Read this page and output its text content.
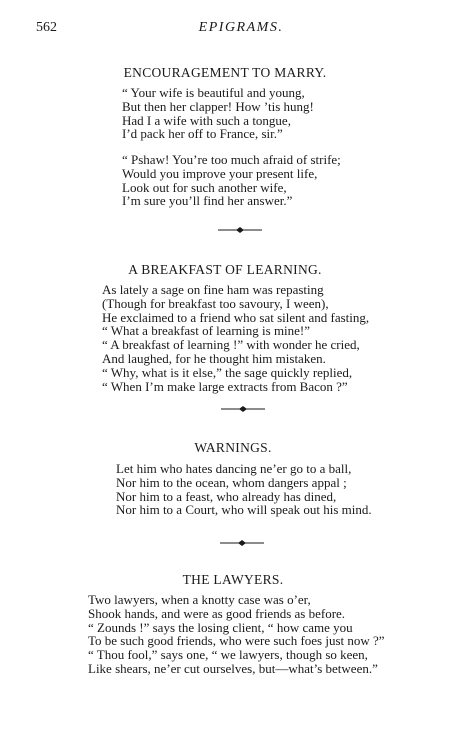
562	EPIGRAMS.
ENCOURAGEMENT TO MARRY.
“ Your wife is beautiful and young,
But then her clapper! How ’tis hung!
Had I a wife with such a tongue,
I’d pack her off to France, sir.”
“ Pshaw! You’re too much afraid of strife;
Would you improve your present life,
Look out for such another wife,
I’m sure you’ll find her answer.”
A BREAKFAST OF LEARNING.
As lately a sage on fine ham was repasting
(Though for breakfast too savoury, I ween),
He exclaimed to a friend who sat silent and fasting,
“ What a breakfast of learning is mine!”
“ A breakfast of learning !” with wonder he cried,
And laughed, for he thought him mistaken.
“ Why, what is it else,” the sage quickly replied,
“ When I’m make large extracts from Bacon ?”
WARNINGS.
Let him who hates dancing ne’er go to a ball,
Nor him to the ocean, whom dangers appal ;
Nor him to a feast, who already has dined,
Nor him to a Court, who will speak out his mind.
THE LAWYERS.
Two lawyers, when a knotty case was o’er,
Shook hands, and were as good friends as before.
“ Zounds !” says the losing client, “ how came you
To be such good friends, who were such foes just now ?”
“ Thou fool,” says one, “ we lawyers, though so keen,
Like shears, ne’er cut ourselves, but—what’s between.”
